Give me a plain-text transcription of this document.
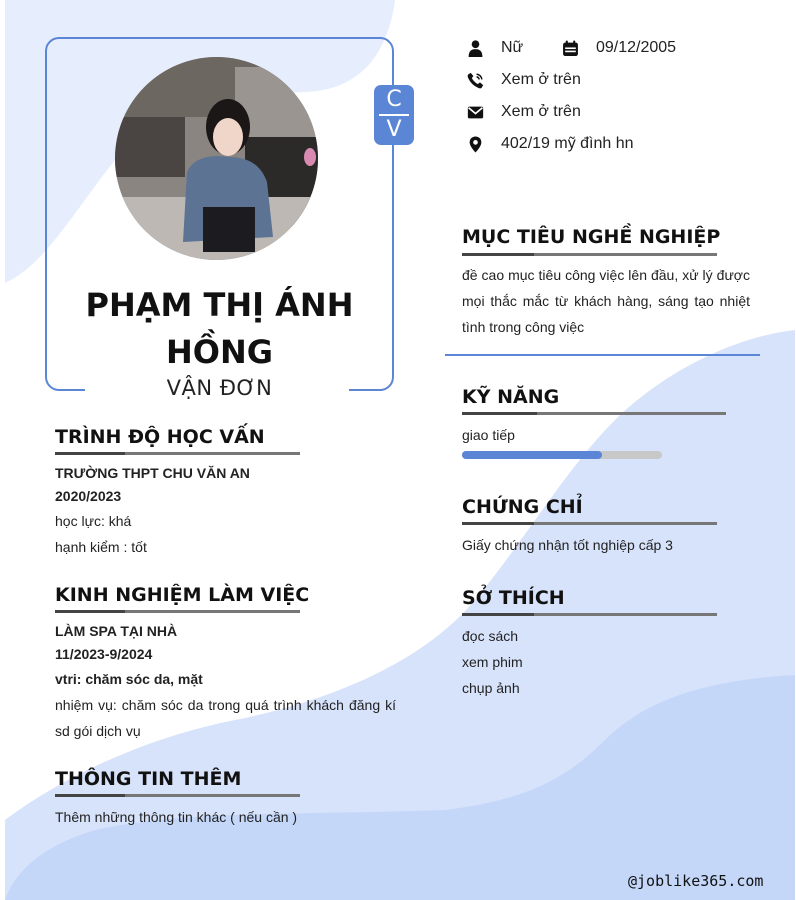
C
V
PHẠM THỊ ÁNH
HỒNG
VẬN ĐƠN
Nữ	09/12/2005
Xem ở trên
Xem ở trên
402/19 mỹ đình hn
MỤC TIÊU NGHỀ NGHIỆP
đề cao mục tiêu công việc lên đầu, xử lý được mọi thắc mắc từ khách hàng, sáng tạo nhiệt tình trong công việc
KỸ NĂNG
giao tiếp
CHỨNG CHỈ
Giấy chứng nhận tốt nghiệp cấp 3
SỞ THÍCH
đọc sách
xem phim
chụp ảnh
TRÌNH ĐỘ HỌC VẤN
TRƯỜNG THPT CHU VĂN AN
2020/2023
học lực: khá
hạnh kiểm : tốt
KINH NGHIỆM LÀM VIỆC
LÀM SPA TẠI NHÀ
11/2023-9/2024
vtri: chăm sóc da, mặt
nhiệm vụ: chăm sóc da trong quá trình khách đăng kí sd gói dịch vụ
THÔNG TIN THÊM
Thêm những thông tin khác ( nếu cần )
@joblike365.com
